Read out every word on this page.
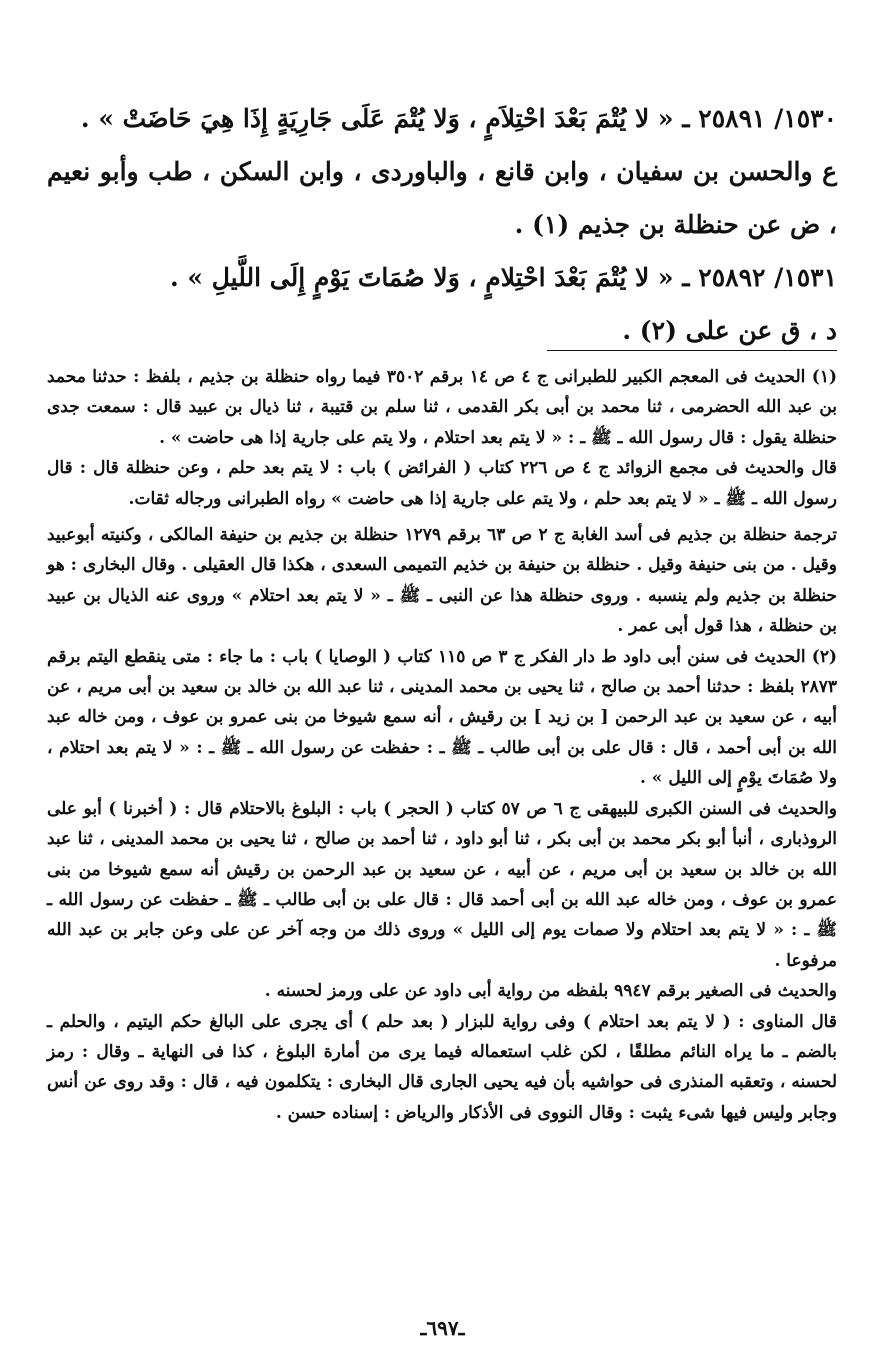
١٥٣٠/ ٢٥٨٩١ ـ « لا يُتْمَ بَعْدَ احْتِلاَمٍ ، وَلا يُتْمَ عَلَى جَارِيَةٍ إِذَا هِيَ حَاضَتْ » .

ع والحسن بن سفيان ، وابن قانع ، والباوردى ، وابن السكن ، طب وأبو نعيم ، ض عن حنظلة بن جذيم (١) .

١٥٣١/ ٢٥٨٩٢ ـ « لا يُتْمَ بَعْدَ احْتِلامٍ ، وَلا صُمَاتَ يَوْمٍ إِلَى اللَّيلِ » .

د ، ق عن على (٢) .

(١) الحديث فى المعجم الكبير للطبرانى ج ٤ ص ١٤ برقم ٣٥٠٢ فيما رواه حنظلة بن جذيم ، بلفظ : حدثنا محمد بن عبد الله الحضرمى ، ثنا محمد بن أبى بكر القدمى ، ثنا سلم بن قتيبة ، ثنا ذيال بن عبيد قال : سمعت جدى حنظلة يقول : قال رسول الله ـ ﷺ ـ : « لا يتم بعد احتلام ، ولا يتم على جارية إذا هى حاضت » .

قال والحديث فى مجمع الزوائد ج ٤ ص ٢٢٦ كتاب ( الفرائض ) باب : لا يتم بعد حلم ، وعن حنظلة قال : قال رسول الله ـ ﷺ ـ « لا يتم بعد حلم ، ولا يتم على جارية إذا هى حاضت » رواه الطبرانى ورجاله ثقات.

ترجمة حنظلة بن جذيم فى أسد الغابة ج ٢ ص ٦٣ برقم ١٢٧٩ حنظلة بن جذيم بن حنيفة المالكى ، وكنيته أبوعبيد وقيل . من بنى حنيفة وقيل . حنظلة بن حنيفة بن خذيم التميمى السعدى ، هكذا قال العقيلى . وقال البخارى : هو حنظلة بن جذيم ولم ينسبه . وروى حنظلة هذا عن النبى ـ ﷺ ـ « لا يتم بعد احتلام » وروى عنه الذيال بن عبيد بن حنظلة ، هذا قول أبى عمر .

(٢) الحديث فى سنن أبى داود ط دار الفكر ج ٣ ص ١١٥ كتاب ( الوصايا ) باب : ما جاء : متى ينقطع اليتم برقم ٢٨٧٣ بلفظ : حدثنا أحمد بن صالح ، ثنا يحيى بن محمد المدينى ، ثنا عبد الله بن خالد بن سعيد بن أبى مريم ، عن أبيه ، عن سعيد بن عبد الرحمن [ بن زيد ] بن رقيش ، أنه سمع شيوخا من بنى عمرو بن عوف ، ومن خاله عبد الله بن أبى أحمد ، قال : قال على بن أبى طالب ـ ﷺ ـ : حفظت عن رسول الله ـ ﷺ ـ : « لا يتم بعد احتلام ، ولا صُمَاتَ يوْمٍ إلى الليل » .

والحديث فى السنن الكبرى للبيهقى ج ٦ ص ٥٧ كتاب ( الحجر ) باب : البلوغ بالاحتلام قال : ( أخبرنا ) أبو على الروذبارى ، أنبأ أبو بكر محمد بن أبى بكر ، ثنا أبو داود ، ثنا أحمد بن صالح ، ثنا يحيى بن محمد المدينى ، ثنا عبد الله بن خالد بن سعيد بن أبى مريم ، عن أبيه ، عن سعيد بن عبد الرحمن بن رقيش أنه سمع شيوخا من بنى عمرو بن عوف ، ومن خاله عبد الله بن أبى أحمد قال : قال على بن أبى طالب ـ ﷺ ـ حفظت عن رسول الله ـ ﷺ ـ : « لا يتم بعد احتلام ولا صمات يوم إلى الليل » وروى ذلك من وجه آخر عن على وعن جابر بن عبد الله مرفوعا .

والحديث فى الصغير برقم ٩٩٤٧ بلفظه من رواية أبى داود عن على ورمز لحسنه .

قال المناوى : ( لا يتم بعد احتلام ) وفى رواية للبزار ( بعد حلم ) أى يجرى على البالغ حكم اليتيم ، والحلم ـ بالضم ـ ما يراه النائم مطلقًا ، لكن غلب استعماله فيما يرى من أمارة البلوغ ، كذا فى النهاية ـ وقال : رمز لحسنه ، وتعقبه المنذرى فى حواشيه بأن فيه يحيى الجارى قال البخارى : يتكلمون فيه ، قال : وقد روى عن أنس وجابر وليس فيها شىء يثبت : وقال النووى فى الأذكار والرياض : إسناده حسن .

ـ٦٩٧ـ
